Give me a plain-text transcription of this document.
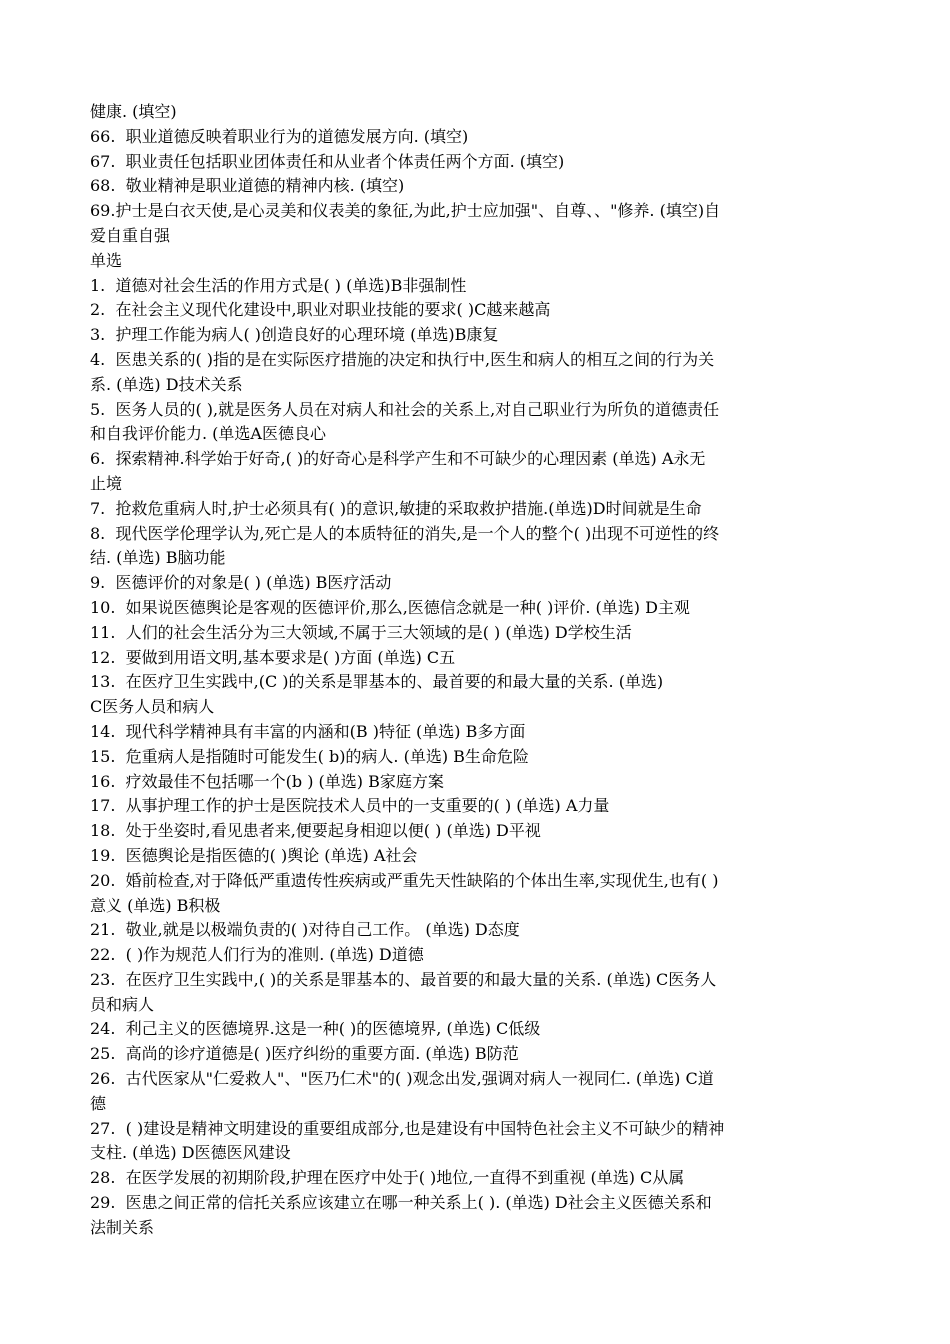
健康. (填空)

66.  职业道德反映着职业行为的道德发展方向. (填空)

67.  职业责任包括职业团体责任和从业者个体责任两个方面. (填空)

68.  敬业精神是职业道德的精神内核. (填空)

69.护士是白衣天使,是心灵美和仪表美的象征,为此,护士应加强"、自尊、、"修养. (填空)自

爱自重自强

单选

1.  道德对社会生活的作用方式是( ) (单选)B非强制性

2.  在社会主义现代化建设中,职业对职业技能的要求( )C越来越高

3.  护理工作能为病人( )创造良好的心理环境 (单选)B康复

4.  医患关系的( )指的是在实际医疗措施的决定和执行中,医生和病人的相互之间的行为关

系. (单选) D技术关系

5.  医务人员的( ),就是医务人员在对病人和社会的关系上,对自己职业行为所负的道德责任

和自我评价能力. (单选A医德良心

6.  探索精神.科学始于好奇,( )的好奇心是科学产生和不可缺少的心理因素 (单选) A永无

止境

7.  抢救危重病人时,护士必须具有( )的意识,敏捷的采取救护措施.(单选)D时间就是生命

8.  现代医学伦理学认为,死亡是人的本质特征的消失,是一个人的整个( )出现不可逆性的终

结. (单选) B脑功能

9.  医德评价的对象是( ) (单选) B医疗活动

10.  如果说医德舆论是客观的医德评价,那么,医德信念就是一种( )评价. (单选) D主观

11.  人们的社会生活分为三大领域,不属于三大领域的是( ) (单选) D学校生活

12.  要做到用语文明,基本要求是( )方面 (单选) C五

13.  在医疗卫生实践中,(C )的关系是罪基本的、最首要的和最大量的关系. (单选)

C医务人员和病人

14.  现代科学精神具有丰富的内涵和(B )特征 (单选) B多方面

15.  危重病人是指随时可能发生( b)的病人. (单选) B生命危险

16.  疗效最佳不包括哪一个(b ) (单选) B家庭方案

17.  从事护理工作的护士是医院技术人员中的一支重要的( ) (单选) A力量

18.  处于坐姿时,看见患者来,便要起身相迎以便( ) (单选) D平视

19.  医德舆论是指医德的( )舆论 (单选) A社会

20.  婚前检查,对于降低严重遗传性疾病或严重先天性缺陷的个体出生率,实现优生,也有( )

意义 (单选) B积极

21.  敬业,就是以极端负责的( )对待自己工作。 (单选) D态度

22.  ( )作为规范人们行为的准则. (单选) D道德

23.  在医疗卫生实践中,( )的关系是罪基本的、最首要的和最大量的关系. (单选) C医务人

员和病人

24.  利己主义的医德境界.这是一种( )的医德境界, (单选) C低级

25.  高尚的诊疗道德是( )医疗纠纷的重要方面. (单选) B防范

26.  古代医家从"仁爱救人"、"医乃仁术"的( )观念出发,强调对病人一视同仁. (单选) C道

德

27.  ( )建设是精神文明建设的重要组成部分,也是建设有中国特色社会主义不可缺少的精神

支柱. (单选) D医德医风建设

28.  在医学发展的初期阶段,护理在医疗中处于( )地位,一直得不到重视 (单选) C从属

29.  医患之间正常的信托关系应该建立在哪一种关系上( ). (单选) D社会主义医德关系和

法制关系
